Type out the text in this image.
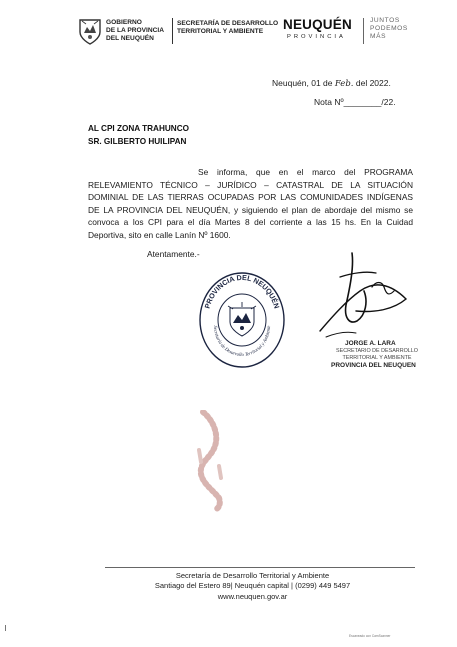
GOBIERNO
DE LA PROVINCIA
DEL NEUQUÉN
SECRETARÍA DE DESARROLLO
TERRITORIAL Y AMBIENTE	NEUQUÉN
PROVINCIA
JUNTOS
PODEMOS
MÁS
Neuquén, 01 de Feb. del 2022.
Nota Nº________/22.
AL CPI ZONA TRAHUNCO
SR. GILBERTO HUILIPAN
Se informa, que en el marco del PROGRAMA RELEVAMIENTO TÉCNICO – JURÍDICO – CATASTRAL DE LA SITUACIÓN DOMINIAL DE LAS TIERRAS OCUPADAS POR LAS COMUNIDADES INDÍGENAS DE LA PROVINCIA DEL NEUQUÉN, y siguiendo el plan de abordaje del mismo se convoca a los CPI para el día Martes 8 del corriente a las 15 hs. En la Cuidad Deportiva, sito en calle Lanín Nº 1600.
Atentamente.-
PROVINCIA DEL NEUQUÉN
Secretaría de Desarrollo Territorial y Ambiente
JORGE A. LARA
SECRETARIO DE DESARROLLO
TERRITORIAL Y AMBIENTE
PROVINCIA DEL NEUQUEN
Secretaría de Desarrollo Territorial y Ambiente
Santiago del Estero 89| Neuquén capital | (0299) 449 5497
www.neuquen.gov.ar
Escaneado con CamScanner
